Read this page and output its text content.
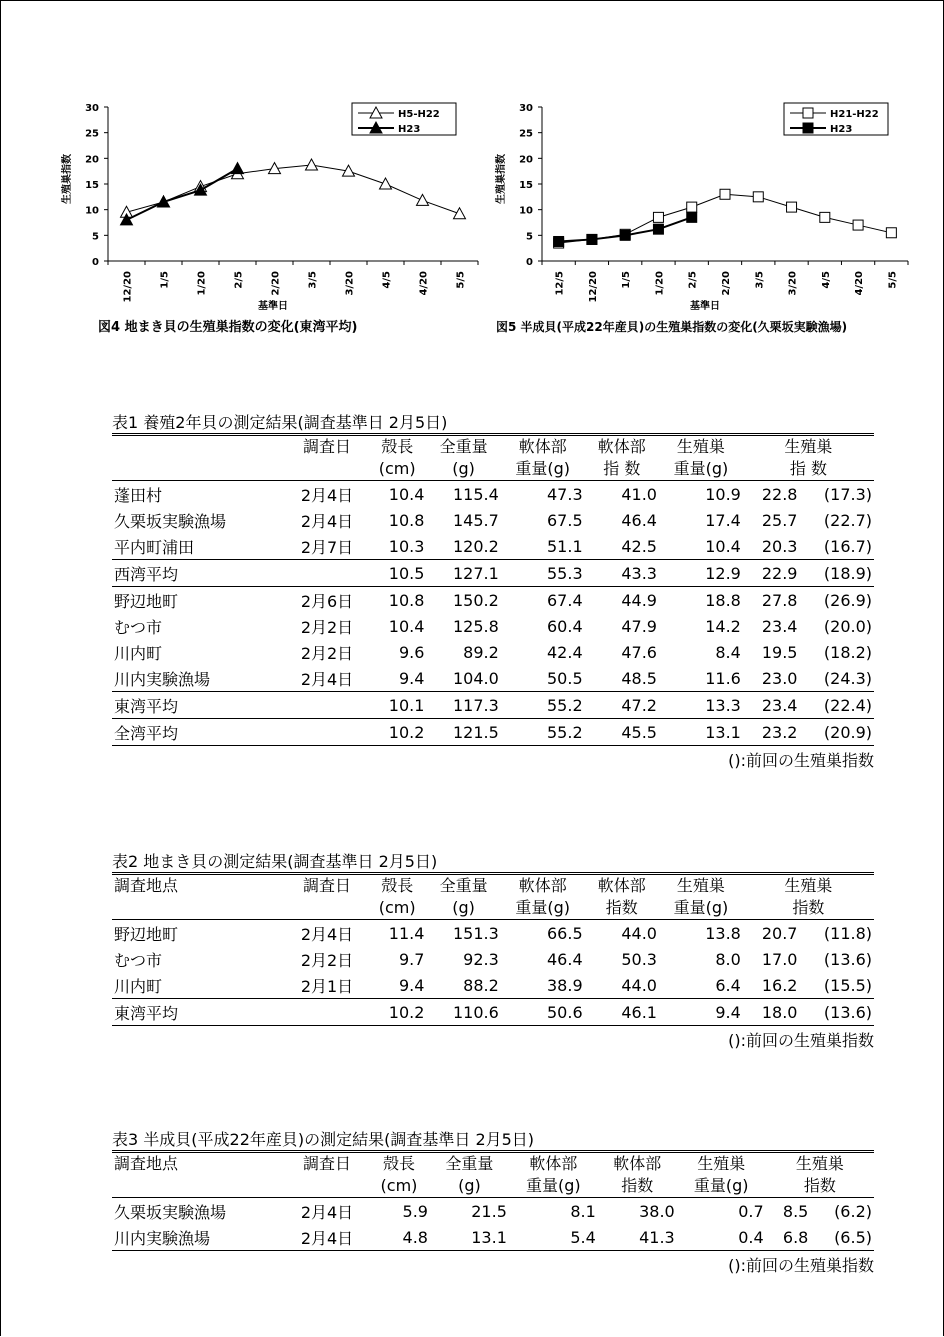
0
5
10
15
20
25
30
12/20	1/5	1/20	2/5	2/20	3/5	3/20	4/5	4/20	5/5
生殖巣指数
基準日
H5-H22
H23
図4 地まき貝の生殖巣指数の変化(東湾平均)
0
5
10
15
20
25
30
12/5 12/20 1/5 1/20 2/5 2/20 3/5 3/20 4/5 4/20 5/5
生殖巣指数
基準日
H21-H22
H23
図5 半成貝(平成22年産貝)の生殖巣指数の変化(久栗坂実験漁場)
表1 養殖2年貝の測定結果(調査基準日 2月5日)
	調査日	殻長	全重量	軟体部	軟体部	生殖巣	生殖巣	
		(cm)	(g)	重量(g)	指 数	重量(g)	指 数	
蓬田村	2月4日	10.4	115.4	47.3	41.0	10.9	22.8	(17.3)
久栗坂実験漁場	2月4日	10.8	145.7	67.5	46.4	17.4	25.7	(22.7)
平内町浦田	2月7日	10.3	120.2	51.1	42.5	10.4	20.3	(16.7)
西湾平均		10.5	127.1	55.3	43.3	12.9	22.9	(18.9)
野辺地町	2月6日	10.8	150.2	67.4	44.9	18.8	27.8	(26.9)
むつ市	2月2日	10.4	125.8	60.4	47.9	14.2	23.4	(20.0)
川内町	2月2日	9.6	89.2	42.4	47.6	8.4	19.5	(18.2)
川内実験漁場	2月4日	9.4	104.0	50.5	48.5	11.6	23.0	(24.3)
東湾平均		10.1	117.3	55.2	47.2	13.3	23.4	(22.4)
全湾平均		10.2	121.5	55.2	45.5	13.1	23.2	(20.9)
():前回の生殖巣指数
表2 地まき貝の測定結果(調査基準日 2月5日)
調査地点	調査日	殻長	全重量	軟体部	軟体部	生殖巣	生殖巣	
		(cm)	(g)	重量(g)	指数	重量(g)	指数	
野辺地町	2月4日	11.4	151.3	66.5	44.0	13.8	20.7	(11.8)
むつ市	2月2日	9.7	92.3	46.4	50.3	8.0	17.0	(13.6)
川内町	2月1日	9.4	88.2	38.9	44.0	6.4	16.2	(15.5)
東湾平均		10.2	110.6	50.6	46.1	9.4	18.0	(13.6)
():前回の生殖巣指数
表3 半成貝(平成22年産貝)の測定結果(調査基準日 2月5日)
調査地点	調査日	殻長	全重量	軟体部	軟体部	生殖巣	生殖巣	
		(cm)	(g)	重量(g)	指数	重量(g)	指数	
久栗坂実験漁場	2月4日	5.9	21.5	8.1	38.0	0.7	8.5	(6.2)
川内実験漁場	2月4日	4.8	13.1	5.4	41.3	0.4	6.8	(6.5)
():前回の生殖巣指数
